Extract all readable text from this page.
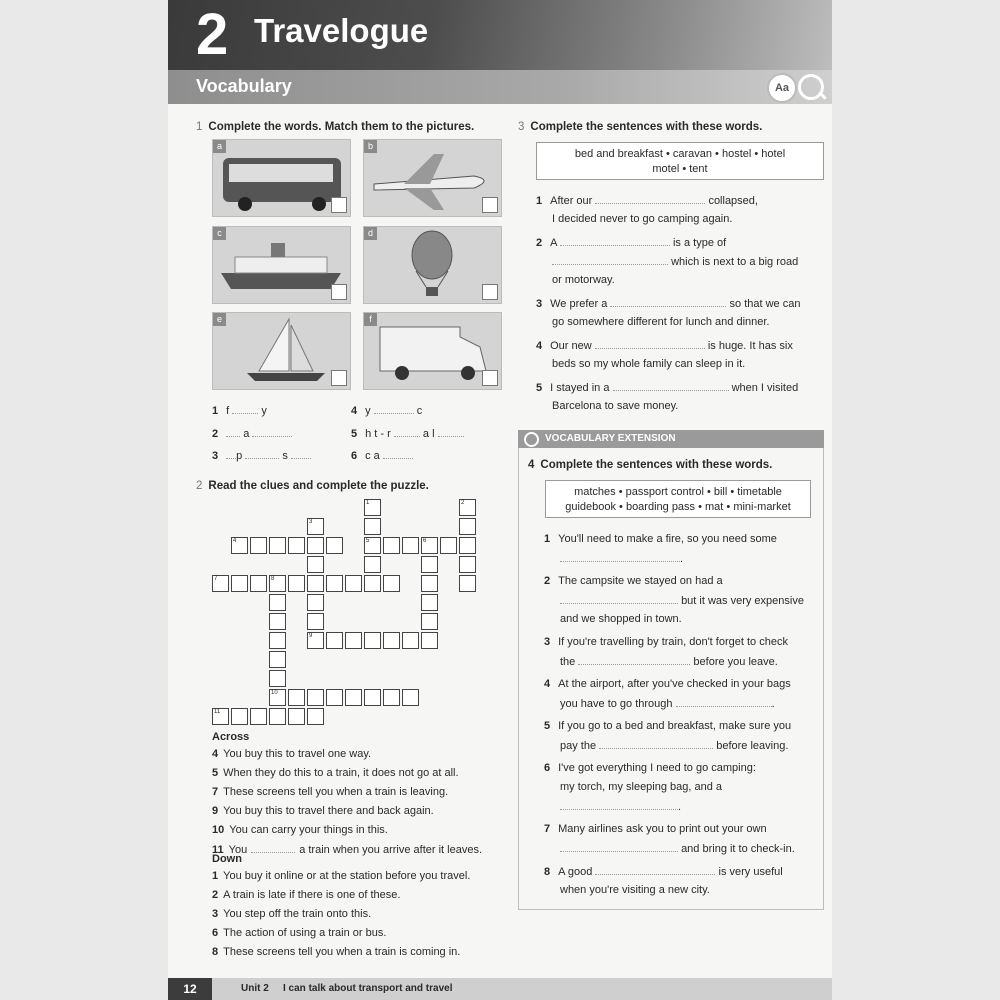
2 Travelogue
Vocabulary	Aa
1 Complete the words. Match them to the pictures.
a	b
c	d
e	f
1 f	y
2 a
3 p	s
4 y	c
5 h t - r	a l
6 c a
2 Read the clues and complete the puzzle.
1
5
2
3
4	6
7	8
10
9
11
Across
4 You buy this to travel one way.
5 When they do this to a train, it does not go at all.
7 These screens tell you when a train is leaving.
9 You buy this to travel there and back again.
10 You can carry your things in this.
11 You	a train when you arrive after it leaves.
Down
1 You buy it online or at the station before you travel.
2 A train is late if there is one of these.
3 You step off the train onto this.
6 The action of using a train or bus.
8 These screens tell you when a train is coming in.
3 Complete the sentences with these words.
bed and breakfast • caravan • hostel • hotel
motel • tent
1 After our	collapsed,
I decided never to go camping again.
2 A	is a type of
which is next to a big road
or motorway.
3 We prefer a	so that we can
go somewhere different for lunch and dinner.
4 Our new	is huge. It has six
beds so my whole family can sleep in it.
5 I stayed in a	when I visited
Barcelona to save money.
VOCABULARY EXTENSION
4 Complete the sentences with these words.
matches • passport control • bill • timetable
guidebook • boarding pass • mat • mini-market
1 You'll need to make a fire, so you need some
.
2 The campsite we stayed on had a
but it was very expensive
and we shopped in town.
3 If you're travelling by train, don't forget to check
the	before you leave.
4 At the airport, after you've checked in your bags
you have to go through	.
5 If you go to a bed and breakfast, make sure you
pay the	before leaving.
6 I've got everything I need to go camping:
my torch, my sleeping bag, and a
.
7 Many airlines ask you to print out your own
and bring it to check-in.
8 A good	is very useful
when you're visiting a new city.
12	Unit 2 I can talk about transport and travel
